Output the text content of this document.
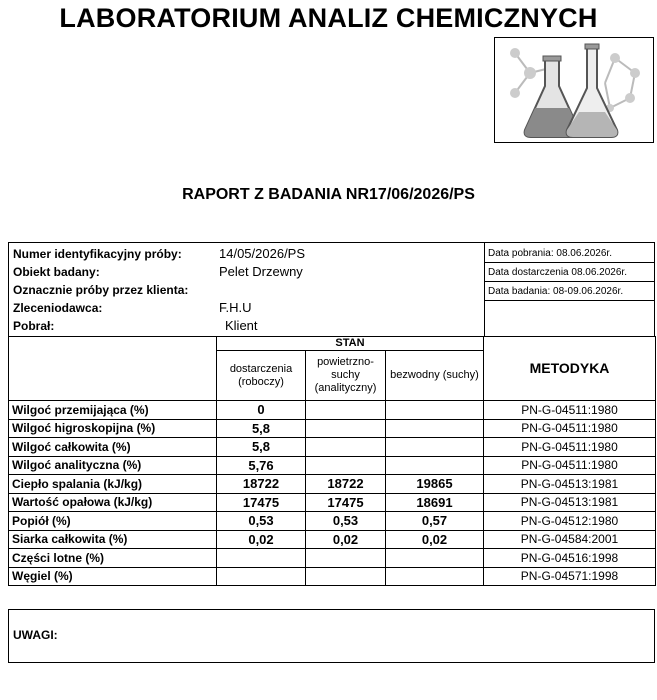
LABORATORIUM ANALIZ CHEMICZNYCH
RAPORT Z BADANIA NR17/06/2026/PS
Numer identyfikacyjny próby:	14/05/2026/PS
Obiekt badany:	Pelet Drzewny
Oznacznie próby przez klienta:
Zleceniodawca:	F.H.U
Pobrał:	Klient
Data pobrania: 08.06.2026r.
Data dostarczenia 08.06.2026r.
Data badania: 08-09.06.2026r.
	STAN			METODYKA
	dostarczenia (roboczy)	powietrzno-suchy (analityczny)	bezwodny (suchy)	
Wilgoć przemijająca (%)	0			PN-G-04511:1980
Wilgoć higroskopijna (%)	5,8			PN-G-04511:1980
Wilgoć całkowita (%)	5,8			PN-G-04511:1980
Wilgoć analityczna (%)	5,76			PN-G-04511:1980
Ciepło spalania (kJ/kg)	18722	18722	19865	PN-G-04513:1981
Wartość opałowa (kJ/kg)	17475	17475	18691	PN-G-04513:1981
Popiół (%)	0,53	0,53	0,57	PN-G-04512:1980
Siarka całkowita (%)	0,02	0,02	0,02	PN-G-04584:2001
Części lotne (%)				PN-G-04516:1998
Węgiel (%)				PN-G-04571:1998
UWAGI:
